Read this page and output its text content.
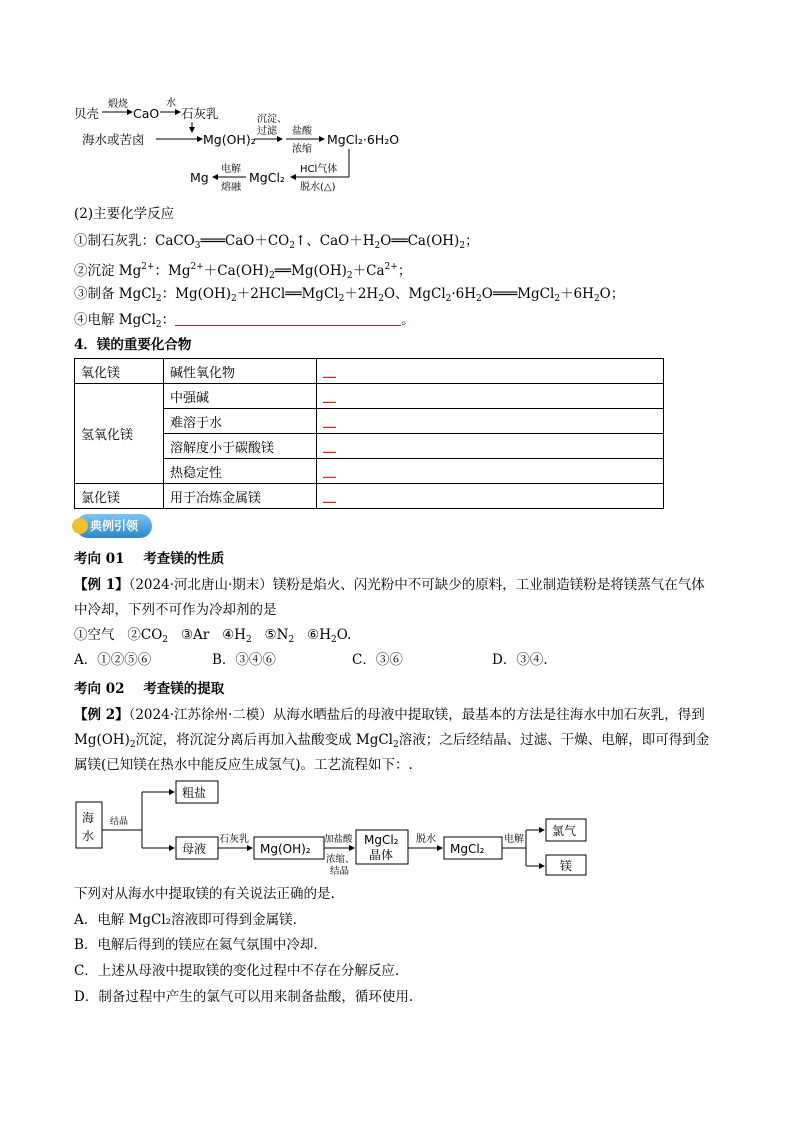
贝壳
煅烧
CaO
水
石灰乳
海水或苦卤	Mg(OH)₂
沉淀、
过滤 盐酸
浓缩
MgCl₂·6H₂O
HCl气体
脱水(△)
MgCl₂
电解
熔融
Mg
(2)主要化学反应
①制石灰乳：$CaCO_3═══CaO+CO_2↑$、$CaO+H_2O══Ca(OH)_2$；
②沉淀 $Mg^{2+}$：$Mg^{2+}+Ca(OH)_2══Mg(OH)_2+Ca^{2+}$；
③制备 MgCl$_2$：$Mg(OH)_2+2HCl══MgCl_2+2H_2O$、$MgCl_2\cdot 6H_2O═══MgCl_2+6H_2O$；
④电解 MgCl$_2$：	。
4．镁的重要化合物
氧化镁	碱性氧化物	__
氢氧化镁	中强碱	__
	难溶于水	__
	溶解度小于碳酸镁	__
	热稳定性	__
氯化镁	用于冶炼金属镁	__
典例引领
考向 01 考查镁的性质
【例 1】（2024·河北唐山·期末）镁粉是焰火、闪光粉中不可缺少的原料，工业制造镁粉是将镁蒸气在气体
中冷却，下列不可作为冷却剂的是
①空气   $②CO_2$   ③Ar   $④H_2$   $⑤N_2$   $⑥H_2O$.
A．①②⑤⑥	B．③④⑥	C．③⑥	D．③④.
考向 02 考查镁的提取
【例 2】（2024·江苏徐州·二模）从海水晒盐后的母液中提取镁，最基本的方法是往海水中加石灰乳，得到
$Mg(OH)_2$沉淀，将沉淀分离后再加入盐酸变成 MgCl$_2$溶液；之后经结晶、过滤、干燥、电解，即可得到金
属镁(已知镁在热水中能反应生成氢气)。工艺流程如下：.
海
水
结晶
粗盐
母液
石灰乳
Mg(OH)₂
加盐酸
浓缩、
结晶
MgCl₂
晶体
脱水
MgCl₂
电解
氯气
镁
下列对从海水中提取镁的有关说法正确的是.
A．电解 MgCl₂溶液即可得到金属镁.
B．电解后得到的镁应在氦气氛围中冷却.
C．上述从母液中提取镁的变化过程中不存在分解反应.
D．制备过程中产生的氯气可以用来制备盐酸，循环使用.
